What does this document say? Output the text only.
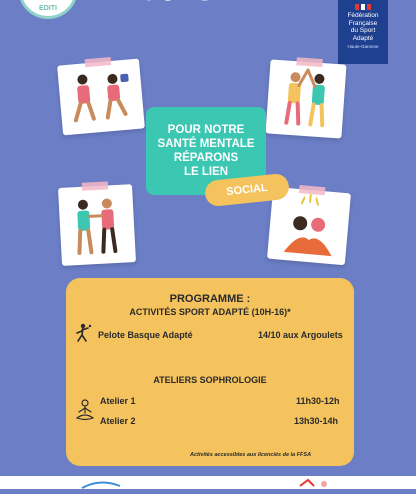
EDITI
Fédération
Française
du Sport
Adapté
Haute-Garonne
POUR NOTRE
SANTÉ MENTALE
RÉPARONS
LE LIEN
SOCIAL
PROGRAMME :
ACTIVITÉS SPORT ADAPTÉ (10H-16)*
Pelote Basque Adapté	14/10 aux Argoulets
ATELIERS SOPHROLOGIE
Atelier 1	11h30-12h
Atelier 2	13h30-14h
Activités accessibles aux licenciés de la FFSA
